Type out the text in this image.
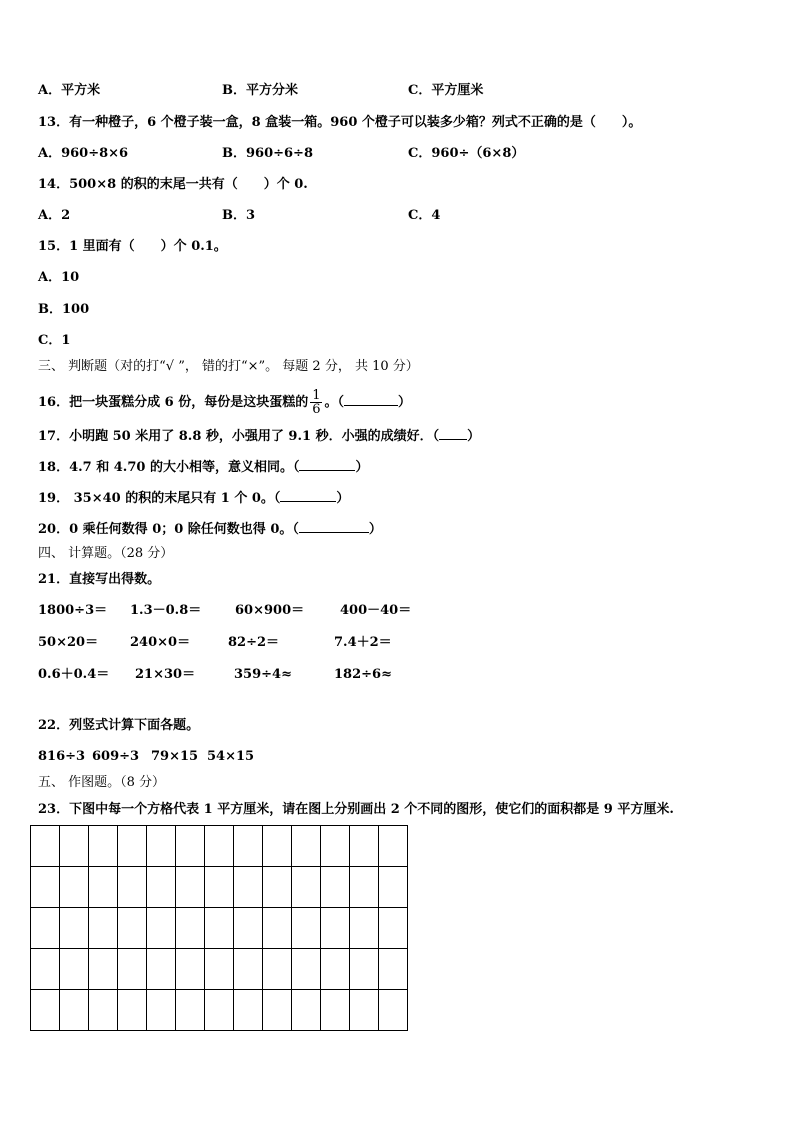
A．平方米	B．平方分米	C．平方厘米
13．有一种橙子，6 个橙子装一盒，8 盒装一箱。960 个橙子可以装多少箱？列式不正确的是（　　）。
A．960÷8×6	B．960÷6÷8	C．960÷（6×8）
14．500×8 的积的末尾一共有（　　）个 0.
A．2	B．3	C．4
15．1 里面有（　　）个 0.1。
A．10
B．100
C．1
三、 判断题（对的打“√ ”， 错的打“×”。 每题 2 分， 共 10 分）
16．把一块蛋糕分成 6 份，每份是这块蛋糕的 $\frac{1}{6}$ 。（	）
17．小明跑 50 米用了 8.8 秒，小强用了 9.1 秒．小强的成绩好．（ ）
18．4.7 和 4.70 的大小相等，意义相同。（	）
19． 35×40 的积的末尾只有 1 个 0。（	）
20．0 乘任何数得 0；0 除任何数也得 0。（	）
四、 计算题。（28 分）
21．直接写出得数。
1800÷3＝ 1.3－0.8＝	60×900＝	400－40＝
50×20＝ 240×0＝	82÷2＝	7.4＋2＝
0.6＋0.4＝ 21×30＝	359÷4≈	182÷6≈
22．列竖式计算下面各题。
816÷3 609÷3 79×15 54×15
五、 作图题。（8 分）
23．下图中每一个方格代表 1 平方厘米，请在图上分别画出 2 个不同的图形，使它们的面积都是 9 平方厘米.
